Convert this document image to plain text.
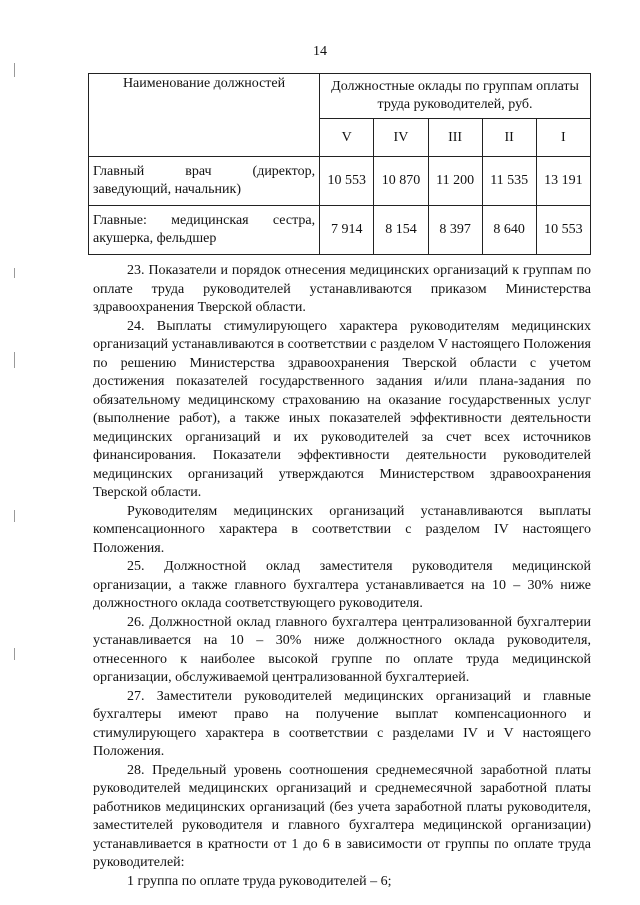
14
Наименование должностей	Должностные оклады по группам оплаты труда руководителей, руб.				
	V	IV	III	II	I

Главный врач (директор,
заведующий, начальник)	10 553	10 870	11 200	11 535	13 191

Главные: медицинская сестра,
акушерка, фельдшер	7 914	8 154	8 397	8 640	10 553

23. Показатели и порядок отнесения медицинских организаций к группам по оплате труда руководителей устанавливаются приказом Министерства здравоохранения Тверской области.

24. Выплаты стимулирующего характера руководителям медицинских организаций устанавливаются в соответствии с разделом V настоящего Положения по решению Министерства здравоохранения Тверской области с учетом достижения показателей государственного задания и/или плана-задания по обязательному медицинскому страхованию на оказание государственных услуг (выполнение работ), а также иных показателей эффективности деятельности медицинских организаций и их руководителей за счет всех источников финансирования. Показатели эффективности деятельности руководителей медицинских организаций утверждаются Министерством здравоохранения Тверской области.

Руководителям медицинских организаций устанавливаются выплаты компенсационного характера в соответствии с разделом IV настоящего Положения.

25. Должностной оклад заместителя руководителя медицинской организации, а также главного бухгалтера устанавливается на 10 – 30% ниже должностного оклада соответствующего руководителя.

26. Должностной оклад главного бухгалтера централизованной бухгалтерии устанавливается на 10 – 30% ниже должностного оклада руководителя, отнесенного к наиболее высокой группе по оплате труда медицинской организации, обслуживаемой централизованной бухгалтерией.

27. Заместители руководителей медицинских организаций и главные бухгалтеры имеют право на получение выплат компенсационного и стимулирующего характера в соответствии с разделами IV и V настоящего Положения.

28. Предельный уровень соотношения среднемесячной заработной платы руководителей медицинских организаций и среднемесячной заработной платы работников медицинских организаций (без учета заработной платы руководителя, заместителей руководителя и главного бухгалтера медицинской организации) устанавливается в кратности от 1 до 6 в зависимости от группы по оплате труда руководителей:

1 группа по оплате труда руководителей – 6;
